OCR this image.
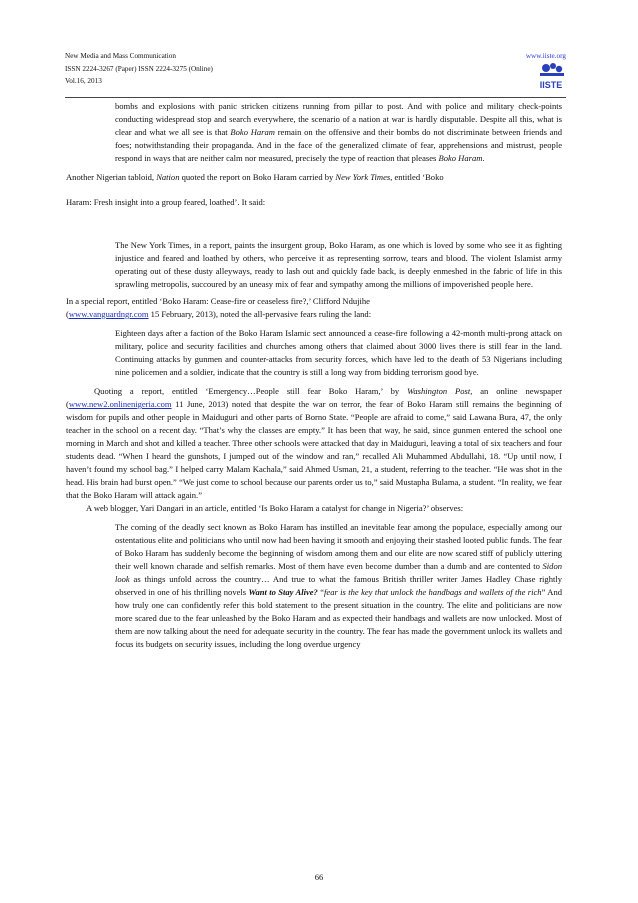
New Media and Mass Communication	www.iiste.org
ISSN 2224-3267 (Paper) ISSN 2224-3275 (Online)
Vol.16, 2013	IISTE

bombs and explosions with panic stricken citizens running from pillar to post. And with police and military check-points conducting widespread stop and search everywhere, the scenario of a nation at war is hardly disputable. Despite all this, what is clear and what we all see is that Boko Haram remain on the offensive and their bombs do not discriminate between friends and foes; notwithstanding their propaganda. And in the face of the generalized climate of fear, apprehensions and mistrust, people respond in ways that are neither calm nor measured, precisely the type of reaction that pleases Boko Haram.

Another Nigerian tabloid, Nation quoted the report on Boko Haram carried by New York Times, entitled ‘Boko

Haram: Fresh insight into a group feared, loathed’. It said:

The New York Times, in a report, paints the insurgent group, Boko Haram, as one which is loved by some who see it as fighting injustice and feared and loathed by others, who perceive it as representing sorrow, tears and blood. The violent Islamist army operating out of these dusty alleyways, ready to lash out and quickly fade back, is deeply enmeshed in the fabric of life in this sprawling metropolis, succoured by an uneasy mix of fear and sympathy among the millions of impoverished people here.

In a special report, entitled ‘Boko Haram: Cease-fire or ceaseless fire?,’ Clifford Ndujihe
(www.vanguardngr.com 15 February, 2013), noted the all-pervasive fears ruling the land:

Eighteen days after a faction of the Boko Haram Islamic sect announced a cease-fire following a 42-month multi-prong attack on military, police and security facilities and churches among others that claimed about 3000 lives there is still fear in the land. Continuing attacks by gunmen and counter-attacks from security forces, which have led to the death of 53 Nigerians including nine policemen and a soldier, indicate that the country is still a long way from bidding terrorism good bye.

Quoting a report, entitled ‘Emergency…People still fear Boko Haram,’ by Washington Post, an online newspaper (www.new2.onlinenigeria.com 11 June, 2013) noted that despite the war on terror, the fear of Boko Haram still remains the beginning of wisdom for pupils and other people in Maiduguri and other parts of Borno State. “People are afraid to come,” said Lawana Bura, 47, the only teacher in the school on a recent day. “That’s why the classes are empty.” It has been that way, he said, since gunmen entered the school one morning in March and shot and killed a teacher. Three other schools were attacked that day in Maiduguri, leaving a total of six teachers and four students dead. “When I heard the gunshots, I jumped out of the window and ran,” recalled Ali Muhammed Abdullahi, 18. “Up until now, I haven’t found my school bag.” I helped carry Malam Kachala,” said Ahmed Usman, 21, a student, referring to the teacher. “He was shot in the head. His brain had burst open.” “We just come to school because our parents order us to,” said Mustapha Bulama, a student. “In reality, we fear that the Boko Haram will attack again.”

A web blogger, Yari Dangari in an article, entitled ‘Is Boko Haram a catalyst for change in Nigeria?’ observes:

The coming of the deadly sect known as Boko Haram has instilled an inevitable fear among the populace, especially among our ostentatious elite and politicians who until now had been having it smooth and enjoying their stashed looted public funds. The fear of Boko Haram has suddenly become the beginning of wisdom among them and our elite are now scared stiff of publicly uttering their well known charade and selfish remarks. Most of them have even become dumber than a dumb and are contented to Sidon look as things unfold across the country… And true to what the famous British thriller writer James Hadley Chase rightly observed in one of his thrilling novels Want to Stay Alive? “fear is the key that unlock the handbags and wallets of the rich” And how truly one can confidently refer this bold statement to the present situation in the country. The elite and politicians are now more scared due to the fear unleashed by the Boko Haram and as expected their handbags and wallets are now unlocked. Most of them are now talking about the need for adequate security in the country. The fear has made the government unlock its wallets and focus its budgets on security issues, including the long overdue urgency

66
